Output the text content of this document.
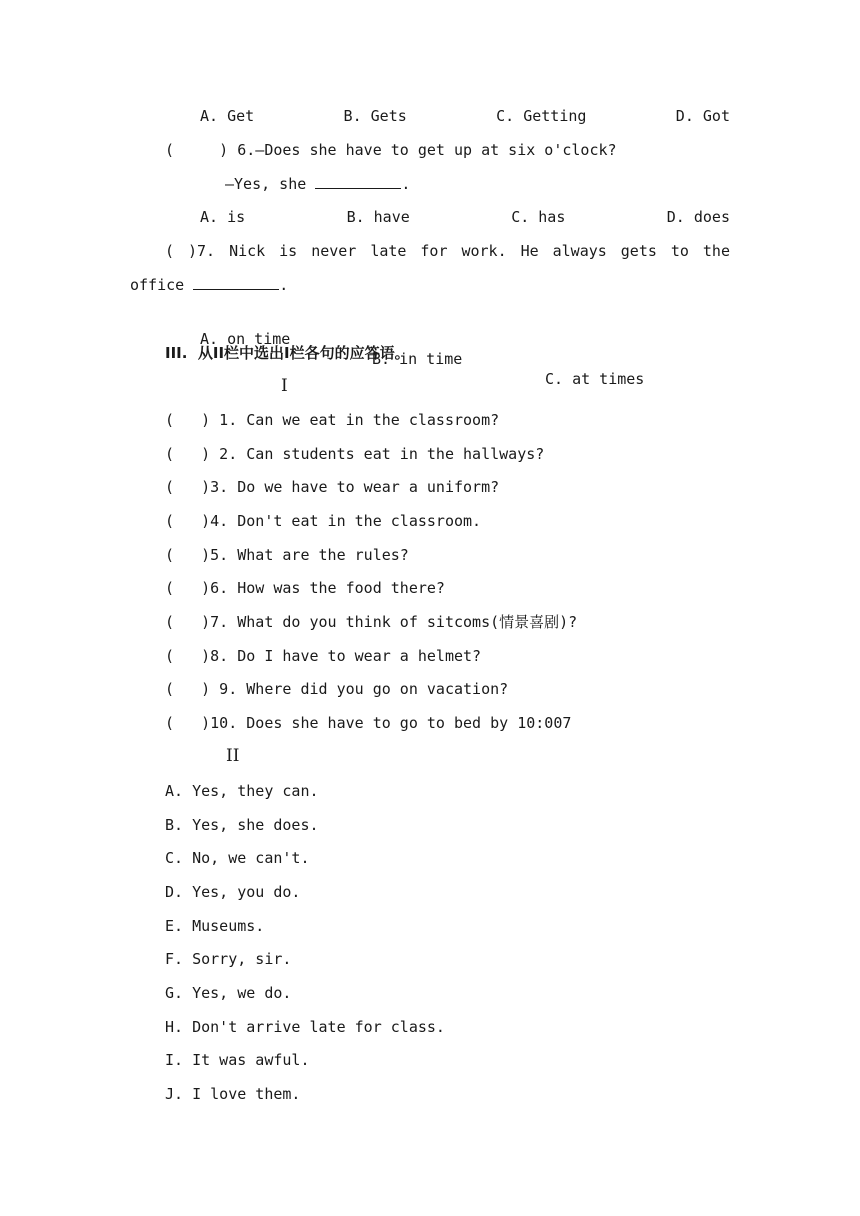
A. Get	B. Gets	C. Getting	D. Got
(     ) 6.—Does she have to get up at six o'clock?
—Yes, she	.
A. is	B. have	C. has	D. does
( )7. Nick is never late for work. He always gets to the
office	.

A. on time

B. in time

C. at times

III.  从II栏中选出I栏各句的应答语。
I
(   ) 1. Can we eat in the classroom?
(   ) 2. Can students eat in the hallways?
(   )3. Do we have to wear a uniform?
(   )4. Don't eat in the classroom.
(   )5. What are the rules?
(   )6. How was the food there?
(   )7. What do you think of sitcoms(情景喜剧)?
(   )8. Do I have to wear a helmet?
(   ) 9. Where did you go on vacation?
(   )10. Does she have to go to bed by 10:007
II
A. Yes, they can.
B. Yes, she does.
C. No, we can't.
D. Yes, you do.
E. Museums.
F. Sorry, sir.
G. Yes, we do.
H. Don't arrive late for class.
I. It was awful.
J. I love them.
